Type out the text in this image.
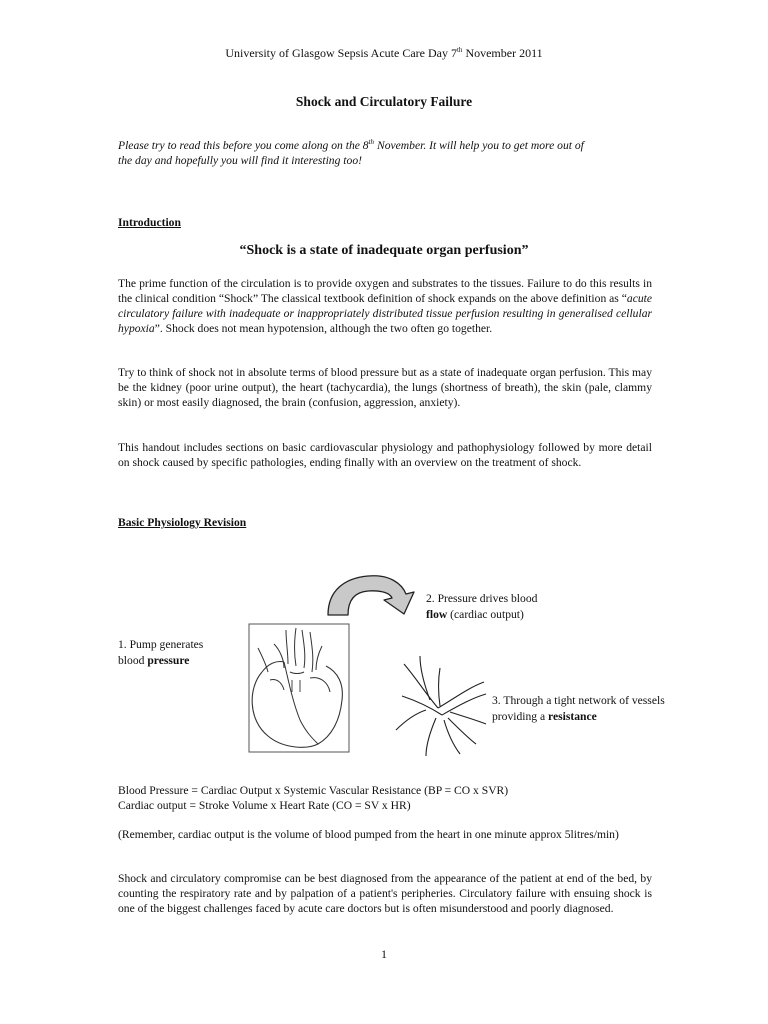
University of Glasgow Sepsis Acute Care Day 7th November 2011
Shock and Circulatory Failure
Please try to read this before you come along on the 8th November. It will help you to get more out of
the day and hopefully you will find it interesting too!
Introduction
“Shock is a state of inadequate organ perfusion”
The prime function of the circulation is to provide oxygen and substrates to the tissues. Failure to do this results in the clinical condition “Shock” The classical textbook definition of shock expands on the above definition as “acute circulatory failure with inadequate or inappropriately distributed tissue perfusion resulting in generalised cellular hypoxia”. Shock does not mean hypotension, although the two often go together.
Try to think of shock not in absolute terms of blood pressure but as a state of inadequate organ perfusion. This may be the kidney (poor urine output), the heart (tachycardia), the lungs (shortness of breath), the skin (pale, clammy skin) or most easily diagnosed, the brain (confusion, aggression, anxiety).
This handout includes sections on basic cardiovascular physiology and pathophysiology followed by more detail on shock caused by specific pathologies, ending finally with an overview on the treatment of shock.
Basic Physiology Revision
1. Pump generates
blood pressure
2. Pressure drives blood
flow (cardiac output)
3. Through a tight network of vessels
providing a resistance
Blood Pressure = Cardiac Output x Systemic Vascular Resistance (BP = CO x SVR)
Cardiac output = Stroke Volume x Heart Rate (CO = SV x HR)
(Remember, cardiac output is the volume of blood pumped from the heart in one minute approx 5litres/min)
Shock and circulatory compromise can be best diagnosed from the appearance of the patient at end of the bed, by counting the respiratory rate and by palpation of a patient's peripheries. Circulatory failure with ensuing shock is one of the biggest challenges faced by acute care doctors but is often misunderstood and poorly diagnosed.
1
